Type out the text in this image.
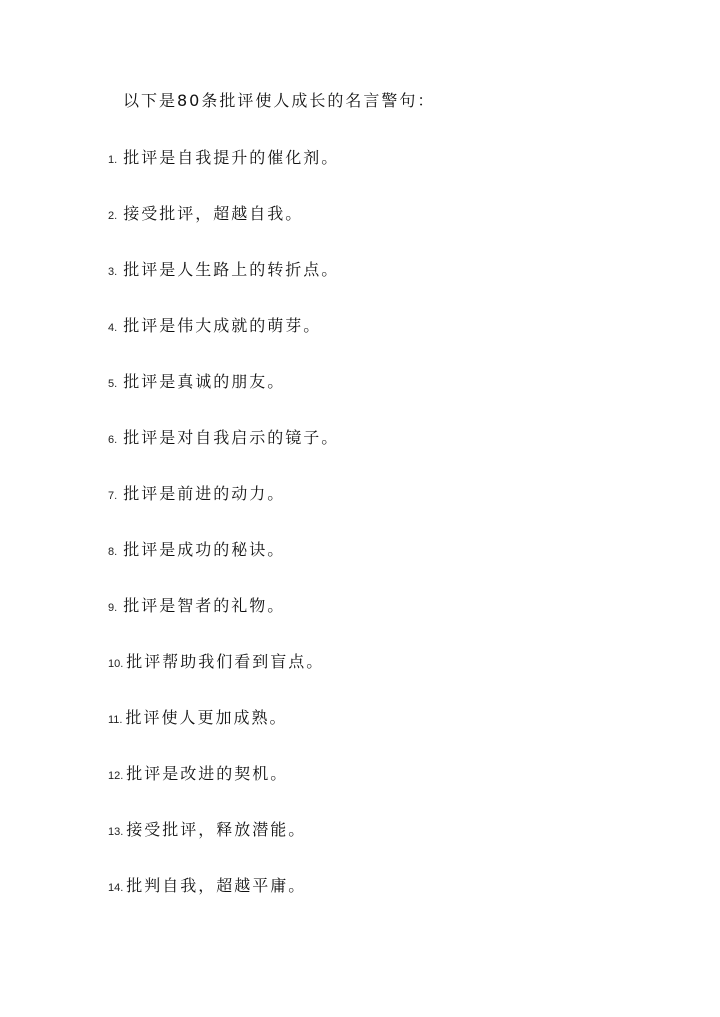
以下是80条批评使人成长的名言警句：
1. 批评是自我提升的催化剂。
2. 接受批评，超越自我。
3. 批评是人生路上的转折点。
4. 批评是伟大成就的萌芽。
5. 批评是真诚的朋友。
6. 批评是对自我启示的镜子。
7. 批评是前进的动力。
8. 批评是成功的秘诀。
9. 批评是智者的礼物。
10. 批评帮助我们看到盲点。
11. 批评使人更加成熟。
12. 批评是改进的契机。
13. 接受批评，释放潜能。
14. 批判自我，超越平庸。
